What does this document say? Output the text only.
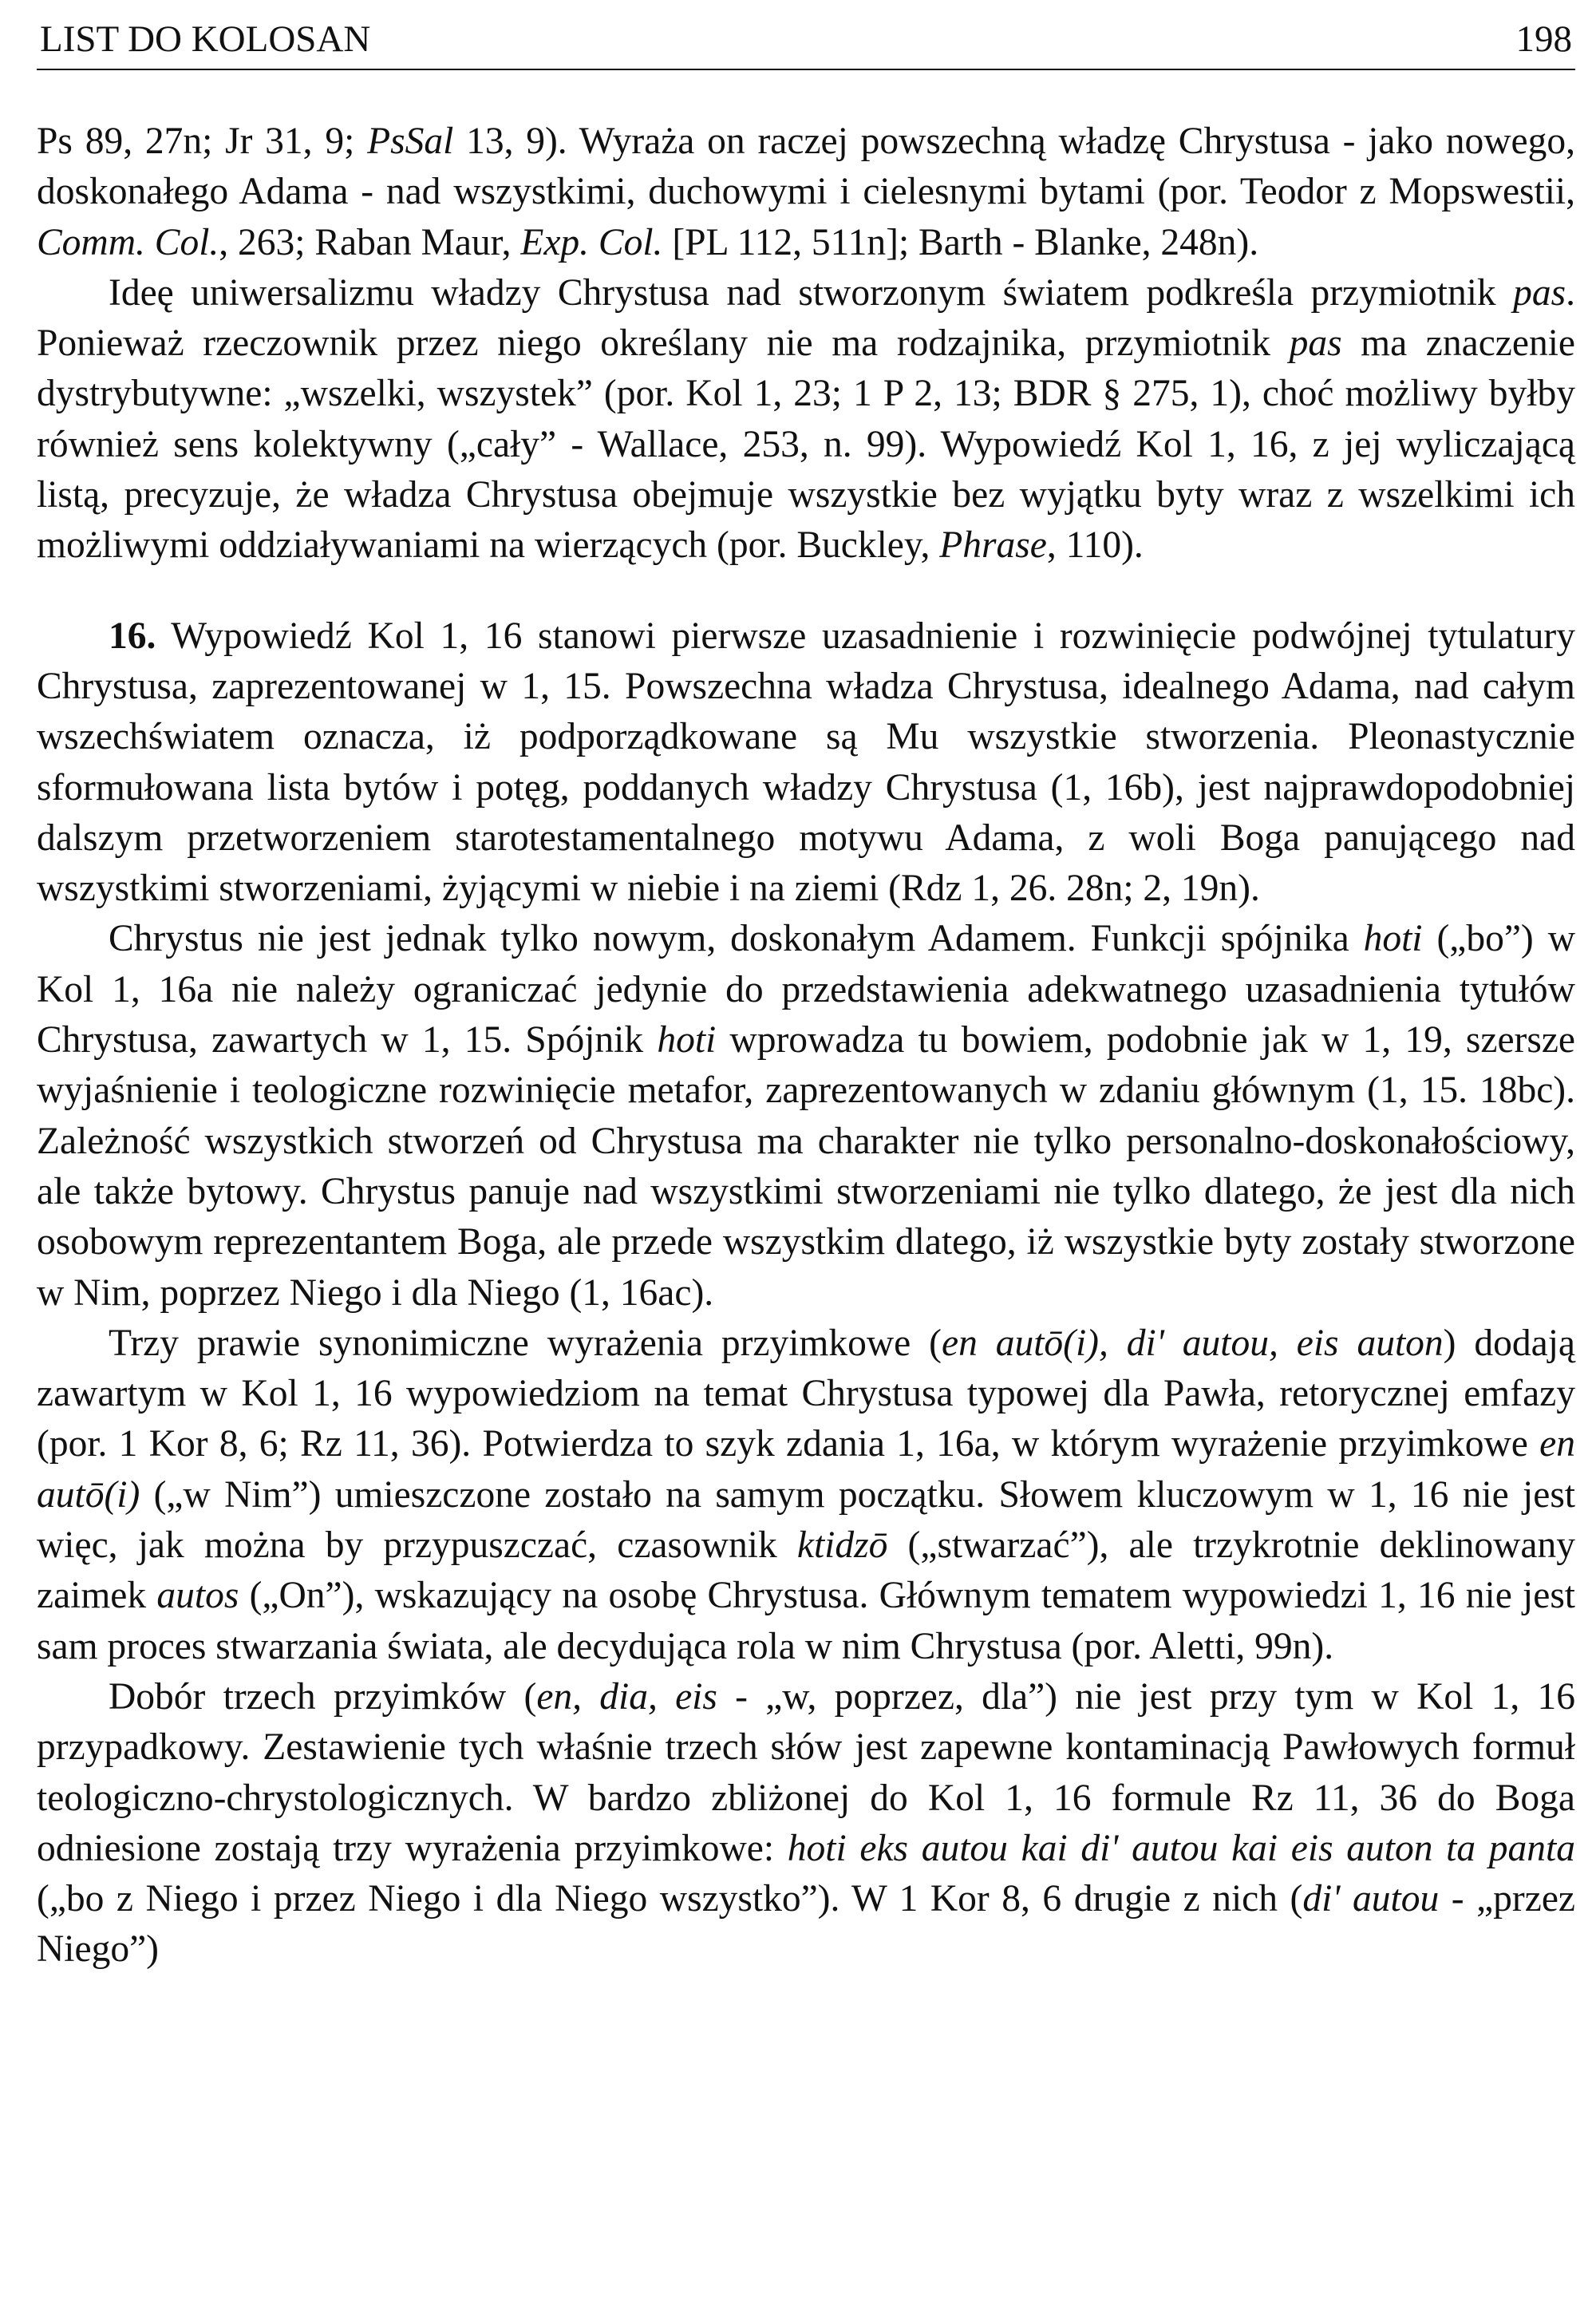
LIST DO KOLOSAN	198

Ps 89, 27n; Jr 31, 9; PsSal 13, 9). Wyraża on raczej powszechną władzę Chrystusa - jako nowego, doskonałego Adama - nad wszystkimi, duchowymi i cielesnymi bytami (por. Teodor z Mopswestii, Comm. Col., 263; Raban Maur, Exp. Col. [PL 112, 511n]; Barth - Blanke, 248n).

Ideę uniwersalizmu władzy Chrystusa nad stworzonym światem podkreśla przymiotnik pas. Ponieważ rzeczownik przez niego określany nie ma rodzajnika, przymiotnik pas ma znaczenie dystrybutywne: „wszelki, wszystek” (por. Kol 1, 23; 1 P 2, 13; BDR § 275, 1), choć możliwy byłby również sens kolektywny („cały” - Wallace, 253, n. 99). Wypowiedź Kol 1, 16, z jej wyliczającą listą, precyzuje, że władza Chrystusa obejmuje wszystkie bez wyjątku byty wraz z wszelkimi ich możliwymi oddziaływaniami na wierzących (por. Buckley, Phrase, 110).

16. Wypowiedź Kol 1, 16 stanowi pierwsze uzasadnienie i rozwinięcie podwójnej tytulatury Chrystusa, zaprezentowanej w 1, 15. Powszechna władza Chrystusa, idealnego Adama, nad całym wszechświatem oznacza, iż podporządkowane są Mu wszystkie stworzenia. Pleonastycznie sformułowana lista bytów i potęg, poddanych władzy Chrystusa (1, 16b), jest najprawdopodobniej dalszym przetworzeniem starotestamentalnego motywu Adama, z woli Boga panującego nad wszystkimi stworzeniami, żyjącymi w niebie i na ziemi (Rdz 1, 26. 28n; 2, 19n).

Chrystus nie jest jednak tylko nowym, doskonałym Adamem. Funkcji spójnika hoti („bo”) w Kol 1, 16a nie należy ograniczać jedynie do przedstawienia adekwatnego uzasadnienia tytułów Chrystusa, zawartych w 1, 15. Spójnik hoti wprowadza tu bowiem, podobnie jak w 1, 19, szersze wyjaśnienie i teologiczne rozwinięcie metafor, zaprezentowanych w zdaniu głównym (1, 15. 18bc). Zależność wszystkich stworzeń od Chrystusa ma charakter nie tylko personalno-doskonałościowy, ale także bytowy. Chrystus panuje nad wszystkimi stworzeniami nie tylko dlatego, że jest dla nich osobowym reprezentantem Boga, ale przede wszystkim dlatego, iż wszystkie byty zostały stworzone w Nim, poprzez Niego i dla Niego (1, 16ac).

Trzy prawie synonimiczne wyrażenia przyimkowe (en autō(i), di' autou, eis auton) dodają zawartym w Kol 1, 16 wypowiedziom na temat Chrystusa typowej dla Pawła, retorycznej emfazy (por. 1 Kor 8, 6; Rz 11, 36). Potwierdza to szyk zdania 1, 16a, w którym wyrażenie przyimkowe en autō(i) („w Nim”) umieszczone zostało na samym początku. Słowem kluczowym w 1, 16 nie jest więc, jak można by przypuszczać, czasownik ktidzō („stwarzać”), ale trzykrotnie deklinowany zaimek autos („On”), wskazujący na osobę Chrystusa. Głównym tematem wypowiedzi 1, 16 nie jest sam proces stwarzania świata, ale decydująca rola w nim Chrystusa (por. Aletti, 99n).

Dobór trzech przyimków (en, dia, eis - „w, poprzez, dla”) nie jest przy tym w Kol 1, 16 przypadkowy. Zestawienie tych właśnie trzech słów jest zapewne kontaminacją Pawłowych formuł teologiczno-chrystologicznych. W bardzo zbliżonej do Kol 1, 16 formule Rz 11, 36 do Boga odniesione zostają trzy wyrażenia przyimkowe: hoti eks autou kai di' autou kai eis auton ta panta („bo z Niego i przez Niego i dla Niego wszystko”). W 1 Kor 8, 6 drugie z nich (di' autou - „przez Niego”)
